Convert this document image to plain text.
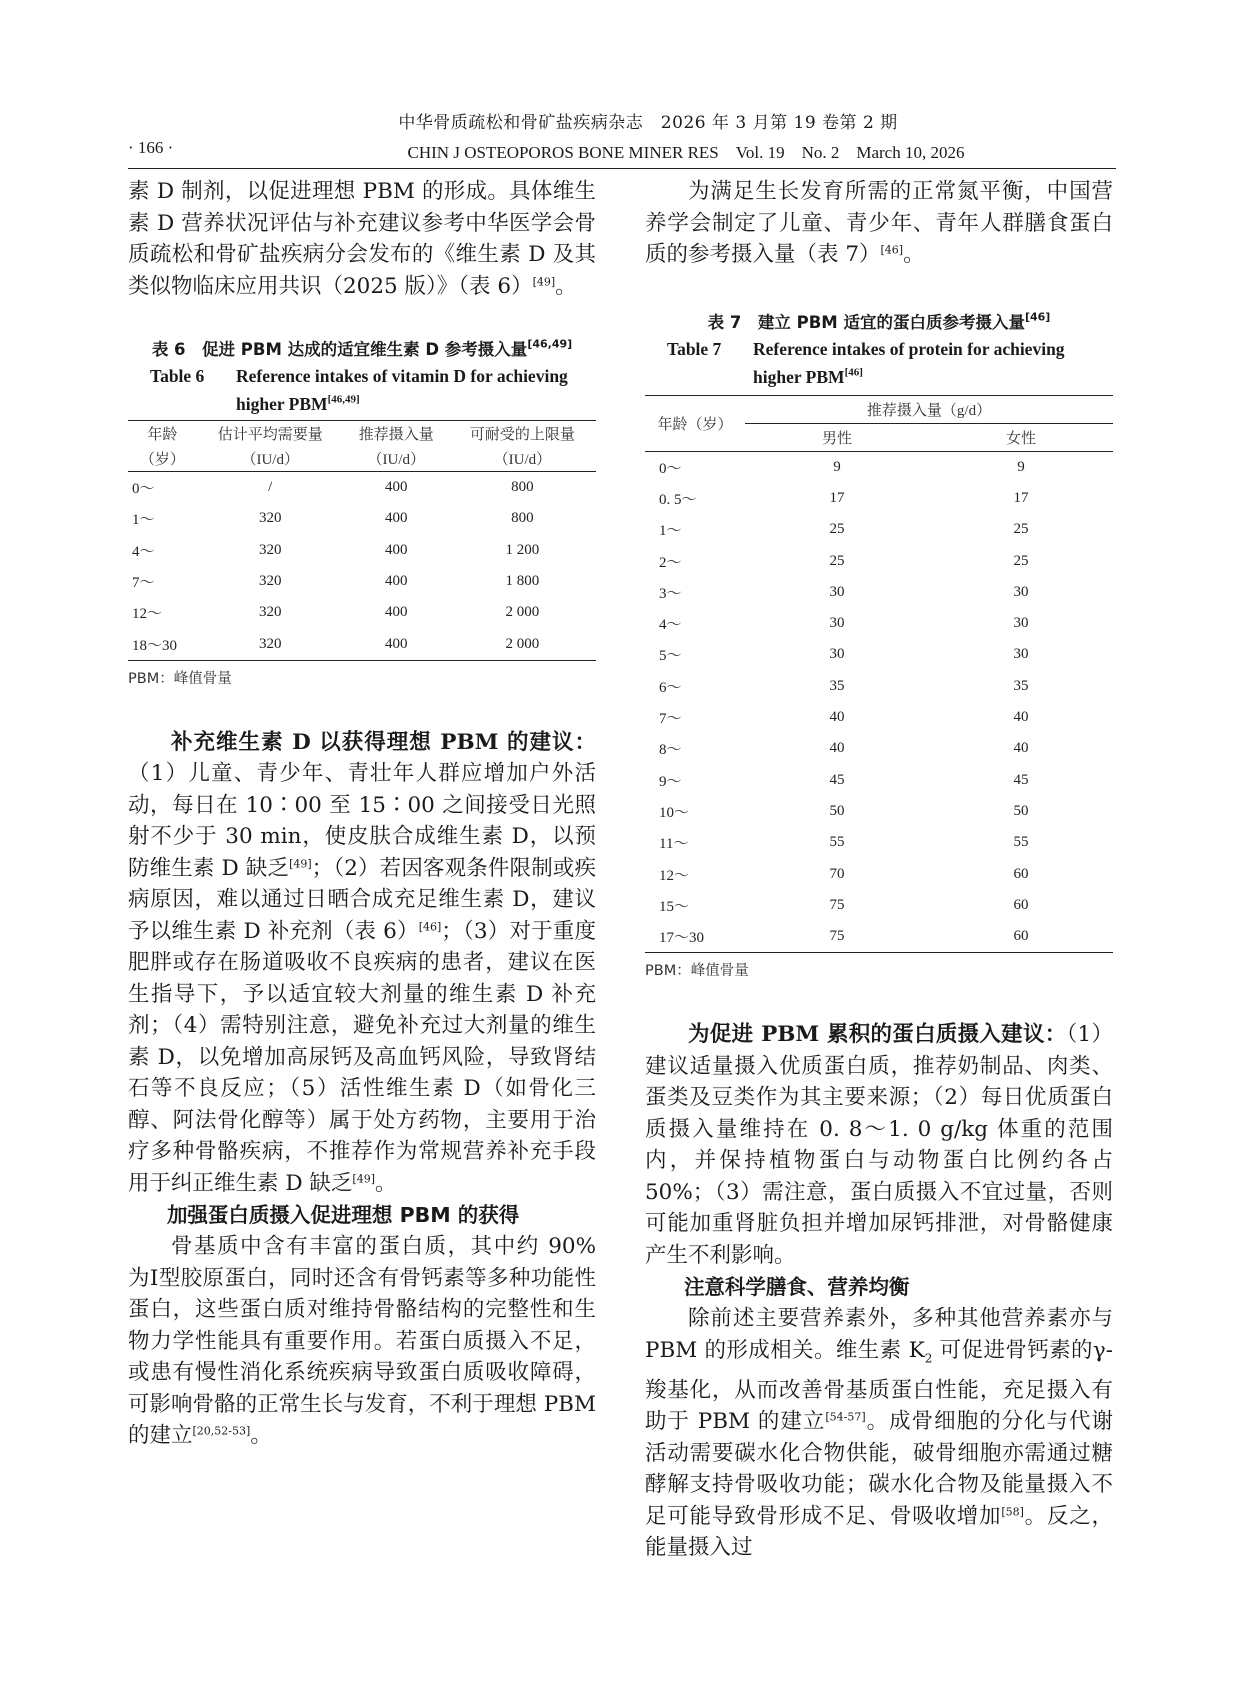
中华骨质疏松和骨矿盐疾病杂志　2026 年 3 月第 19 卷第 2 期
· 166 ·	CHIN J OSTEOPOROS BONE MINER RES　Vol. 19　No. 2　March 10, 2026

素 D 制剂，以促进理想 PBM 的形成。具体维生素 D 营养状况评估与补充建议参考中华医学会骨质疏松和骨矿盐疾病分会发布的《维生素 D 及其类似物临床应用共识（2025 版）》（表 6）[49]。

表 6　促进 PBM 达成的适宜维生素 D 参考摄入量[46,49]
Table 6 Reference intakes of vitamin D for achieving
higher PBM[46,49]
年龄	估计平均需要量	推荐摄入量	可耐受的上限量
（岁）	（IU/d）	（IU/d）	（IU/d）
0～	/	400	800
1～	320	400	800
4～	320	400	1 200
7～	320	400	1 800
12～	320	400	2 000
18～30	320	400	2 000
PBM：峰值骨量

补充维生素 D 以获得理想 PBM 的建议：（1）儿童、青少年、青壮年人群应增加户外活动，每日在 10∶00 至 15∶00 之间接受日光照射不少于 30 min，使皮肤合成维生素 D，以预防维生素 D 缺乏[49]；（2）若因客观条件限制或疾病原因，难以通过日晒合成充足维生素 D，建议予以维生素 D 补充剂（表 6）[46]；（3）对于重度肥胖或存在肠道吸收不良疾病的患者，建议在医生指导下，予以适宜较大剂量的维生素 D 补充剂；（4）需特别注意，避免补充过大剂量的维生素 D，以免增加高尿钙及高血钙风险，导致肾结石等不良反应；（5）活性维生素 D（如骨化三醇、阿法骨化醇等）属于处方药物，主要用于治疗多种骨骼疾病，不推荐作为常规营养补充手段用于纠正维生素 D 缺乏[49]。

加强蛋白质摄入促进理想 PBM 的获得

骨基质中含有丰富的蛋白质，其中约 90% 为Ⅰ型胶原蛋白，同时还含有骨钙素等多种功能性蛋白，这些蛋白质对维持骨骼结构的完整性和生物力学性能具有重要作用。若蛋白质摄入不足，或患有慢性消化系统疾病导致蛋白质吸收障碍，可影响骨骼的正常生长与发育，不利于理想 PBM 的建立[20,52-53]。

为满足生长发育所需的正常氮平衡，中国营养学会制定了儿童、青少年、青年人群膳食蛋白质的参考摄入量（表 7）[46]。

表 7　建立 PBM 适宜的蛋白质参考摄入量[46]
Table 7 Reference intakes of protein for achieving
higher PBM[46]
年龄（岁）	推荐摄入量（g/d）	
	男性	女性
0～	9	9
0. 5～	17	17
1～	25	25
2～	25	25
3～	30	30
4～	30	30
5～	30	30
6～	35	35
7～	40	40
8～	40	40
9～	45	45
10～	50	50
11～	55	55
12～	70	60
15～	75	60
17～30	75	60
PBM：峰值骨量

为促进 PBM 累积的蛋白质摄入建议：（1）建议适量摄入优质蛋白质，推荐奶制品、肉类、蛋类及豆类作为其主要来源；（2）每日优质蛋白质摄入量维持在 0. 8～1. 0 g/kg 体重的范围内，并保持植物蛋白与动物蛋白比例约各占 50%；（3）需注意，蛋白质摄入不宜过量，否则可能加重肾脏负担并增加尿钙排泄，对骨骼健康产生不利影响。

注意科学膳食、营养均衡

除前述主要营养素外，多种其他营养素亦与 PBM 的形成相关。维生素 $K_2$ 可促进骨钙素的γ-羧基化，从而改善骨基质蛋白性能，充足摄入有助于 PBM 的建立[54-57]。成骨细胞的分化与代谢活动需要碳水化合物供能，破骨细胞亦需通过糖酵解支持骨吸收功能；碳水化合物及能量摄入不足可能导致骨形成不足、骨吸收增加[58]。反之，能量摄入过
